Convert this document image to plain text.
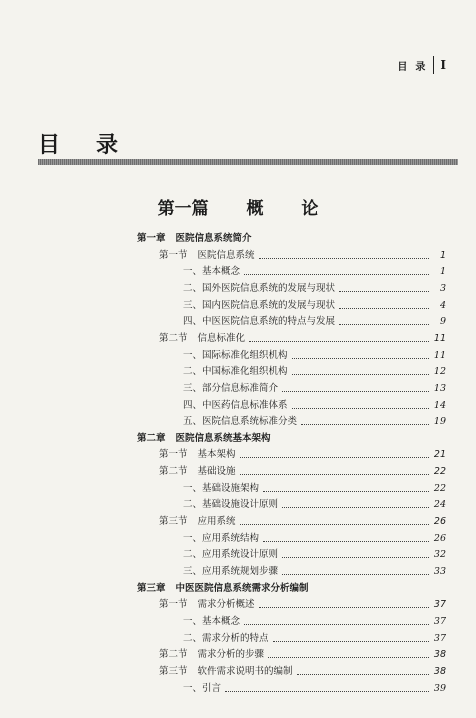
目 录 I
目录
第一篇 概 论
第一章 医院信息系统简介
第一节 医院信息系统	1
一、基本概念	1
二、国外医院信息系统的发展与现状	3
三、国内医院信息系统的发展与现状	4
四、中医医院信息系统的特点与发展	9
第二节 信息标准化	11
一、国际标准化组织机构	11
二、中国标准化组织机构	12
三、部分信息标准简介	13
四、中医药信息标准体系	14
五、医院信息系统标准分类	19
第二章 医院信息系统基本架构
第一节 基本架构	21
第二节 基础设施	22
一、基础设施架构	22
二、基础设施设计原则	24
第三节 应用系统	26
一、应用系统结构	26
二、应用系统设计原则	32
三、应用系统规划步骤	33
第三章 中医医院信息系统需求分析编制
第一节 需求分析概述	37
一、基本概念	37
二、需求分析的特点	37
第二节 需求分析的步骤	38
第三节 软件需求说明书的编制	38
一、引言	39
